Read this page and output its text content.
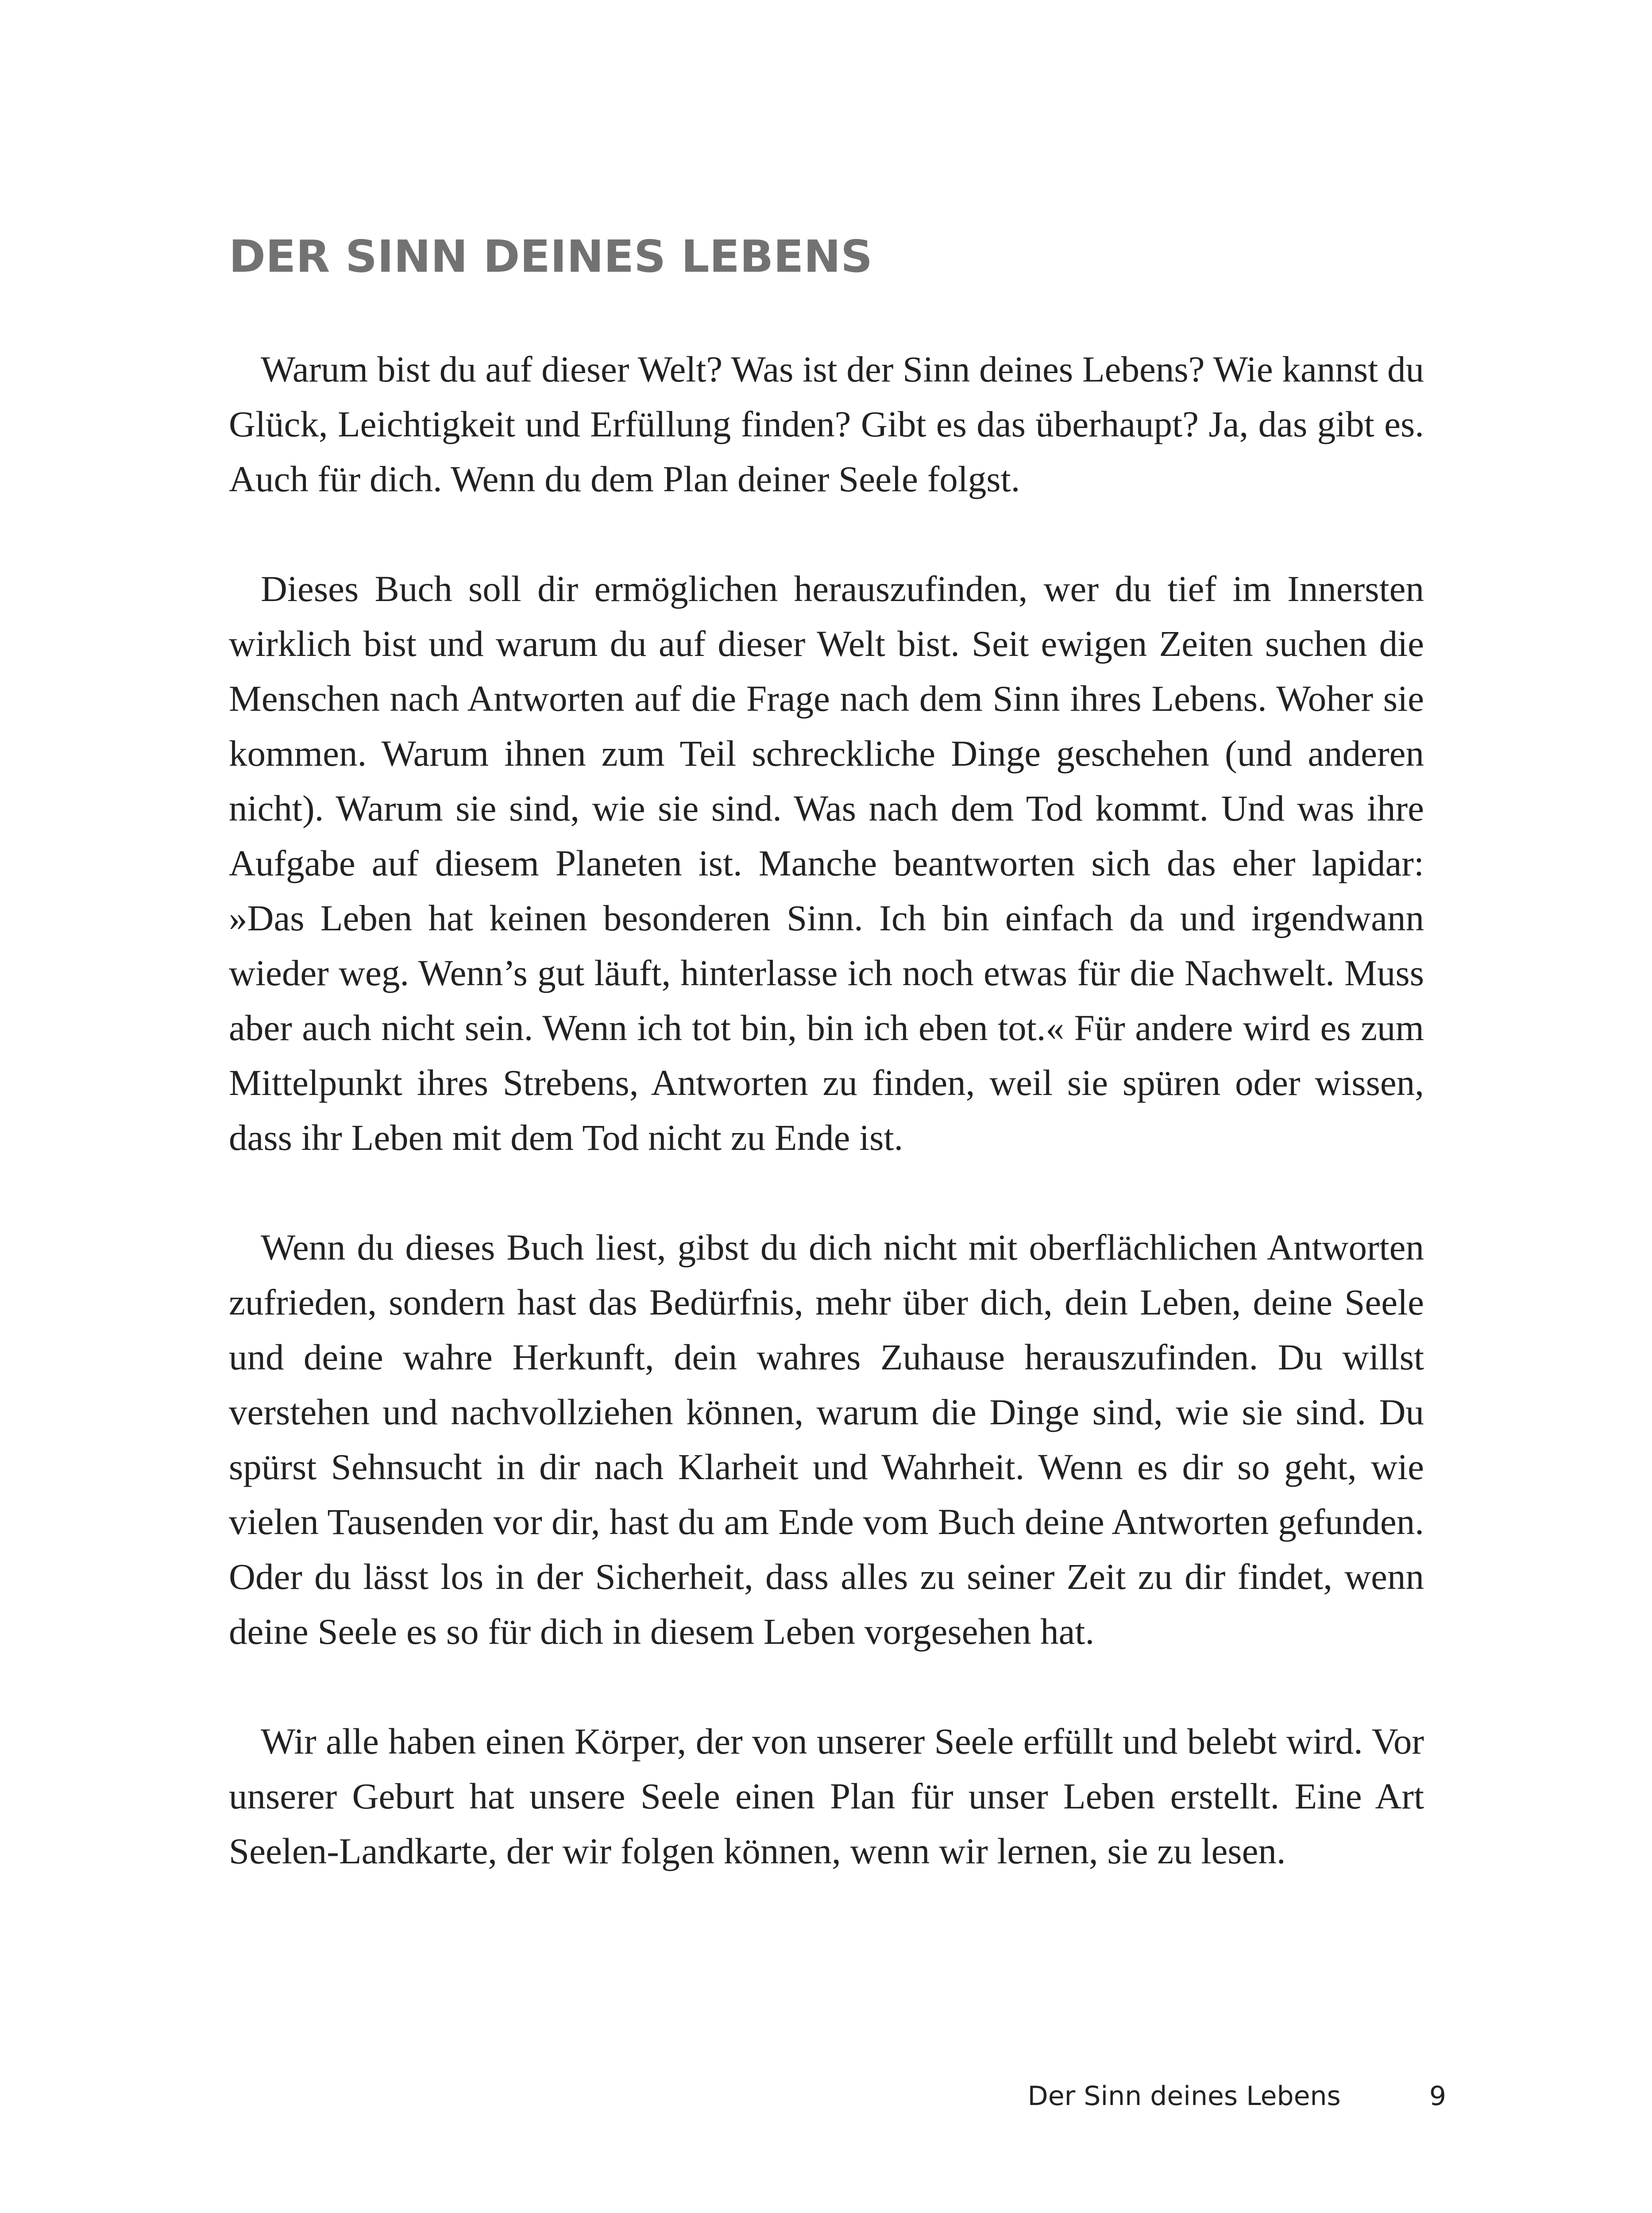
DER SINN DEINES LEBENS

Warum bist du auf dieser Welt? Was ist der Sinn deines Lebens? Wie kannst du Glück, Leichtigkeit und Erfüllung finden? Gibt es das überhaupt? Ja, das gibt es. Auch für dich. Wenn du dem Plan deiner Seele folgst.

Dieses Buch soll dir ermöglichen herauszufinden, wer du tief im Innersten wirklich bist und warum du auf dieser Welt bist. Seit ewigen Zeiten suchen die Menschen nach Antworten auf die Frage nach dem Sinn ihres Lebens. Woher sie kommen. Warum ihnen zum Teil schreckliche Dinge geschehen (und anderen nicht). Warum sie sind, wie sie sind. Was nach dem Tod kommt. Und was ihre Aufgabe auf diesem Planeten ist. Manche beantworten sich das eher lapidar: »Das Leben hat keinen besonderen Sinn. Ich bin einfach da und irgendwann wieder weg. Wenn’s gut läuft, hinterlasse ich noch etwas für die Nachwelt. Muss aber auch nicht sein. Wenn ich tot bin, bin ich eben tot.« Für andere wird es zum Mittelpunkt ihres Strebens, Antworten zu finden, weil sie spüren oder wissen, dass ihr Leben mit dem Tod nicht zu Ende ist.

Wenn du dieses Buch liest, gibst du dich nicht mit oberflächlichen Antworten zufrieden, sondern hast das Bedürfnis, mehr über dich, dein Leben, deine Seele und deine wahre Herkunft, dein wahres Zuhause herauszufinden. Du willst verstehen und nachvollziehen können, warum die Dinge sind, wie sie sind. Du spürst Sehnsucht in dir nach Klarheit und Wahrheit. Wenn es dir so geht, wie vielen Tausenden vor dir, hast du am Ende vom Buch deine Antworten gefunden. Oder du lässt los in der Sicherheit, dass alles zu seiner Zeit zu dir findet, wenn deine Seele es so für dich in diesem Leben vorgesehen hat.

Wir alle haben einen Körper, der von unserer Seele erfüllt und belebt wird. Vor unserer Geburt hat unsere Seele einen Plan für unser Leben erstellt. Eine Art Seelen-Landkarte, der wir folgen können, wenn wir lernen, sie zu lesen.

Der Sinn deines Lebens	9
